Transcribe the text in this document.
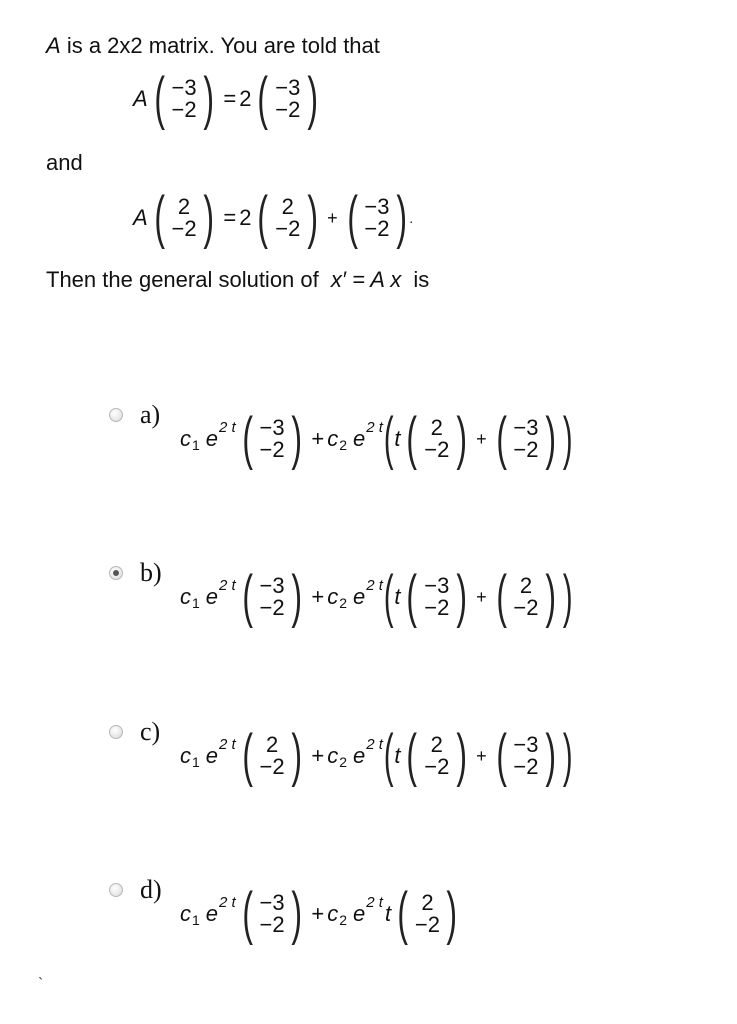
A is a 2x2 matrix. You are told that
A ( −3
−2 ) = 2 ( −3
−2 )
and
A ( 2
−2 ) = 2 ( 2
−2 ) + ( −3
−2 ) .
Then the general solution of x′ = A x is
a)
c 1 e 2 t ( −3
−2 ) + c 2 e 2 t ( t ( 2
−2 ) + ( −3
−2 ) )
b)
c 1 e 2 t ( −3
−2 ) + c 2 e 2 t ( t ( −3
−2 ) + ( 2
−2 ) )
c)
c 1 e 2 t ( 2
−2 ) + c 2 e 2 t ( t ( 2
−2 ) + ( −3
−2 ) )
d)
c 1 e 2 t ( −3
−2 ) + c 2 e 2 t t ( 2
−2 )
`
